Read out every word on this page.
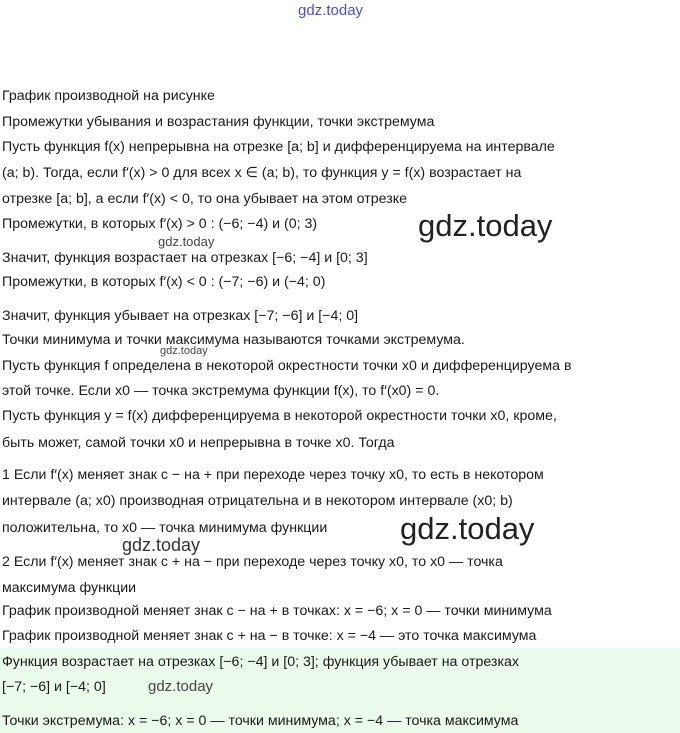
gdz.today
График производной на рисунке
Промежутки убывания и возрастания функции, точки экстремума
Пусть функция f(x) непрерывна на отрезке [a; b] и дифференцируема на интервале
(a; b). Тогда, если f′(x) > 0 для всех x ∈ (a; b), то функция y = f(x) возрастает на
отрезке [a; b], а если f′(x) < 0, то она убывает на этом отрезке
Промежутки, в которых f′(x) > 0 : (−6; −4) и (0; 3)
Значит, функция возрастает на отрезках [−6; −4] и [0; 3]
Промежутки, в которых f′(x) < 0 : (−7; −6) и (−4; 0)
Значит, функция убывает на отрезках [−7; −6] и [−4; 0]
Точки минимума и точки максимума называются точками экстремума.
Пусть функция f определена в некоторой окрестности точки x0 и дифференцируема в
этой точке. Если x0 — точка экстремума функции f(x), то f′(x0) = 0.
Пусть функция y = f(x) дифференцируема в некоторой окрестности точки x0, кроме,
быть может, самой точки x0 и непрерывна в точке x0. Тогда
1 Если f′(x) меняет знак с − на + при переходе через точку x0, то есть в некотором
интервале (a; x0) производная отрицательна и в некотором интервале (x0; b)
положительна, то x0 — точка минимума функции
2 Если f′(x) меняет знак с + на − при переходе через точку x0, то x0 — точка
максимума функции
График производной меняет знак с − на + в точках: x = −6; x = 0 — точки минимума
График производной меняет знак с + на − в точке: x = −4 — это точка максимума
Функция возрастает на отрезках [−6; −4] и [0; 3]; функция убывает на отрезках
[−7; −6] и [−4; 0]
Точки экстремума: x = −6; x = 0 — точки минимума; x = −4 — точка максимума
gdz.today
gdz.today
gdz.today
gdz.today
gdz.today
gdz.today
